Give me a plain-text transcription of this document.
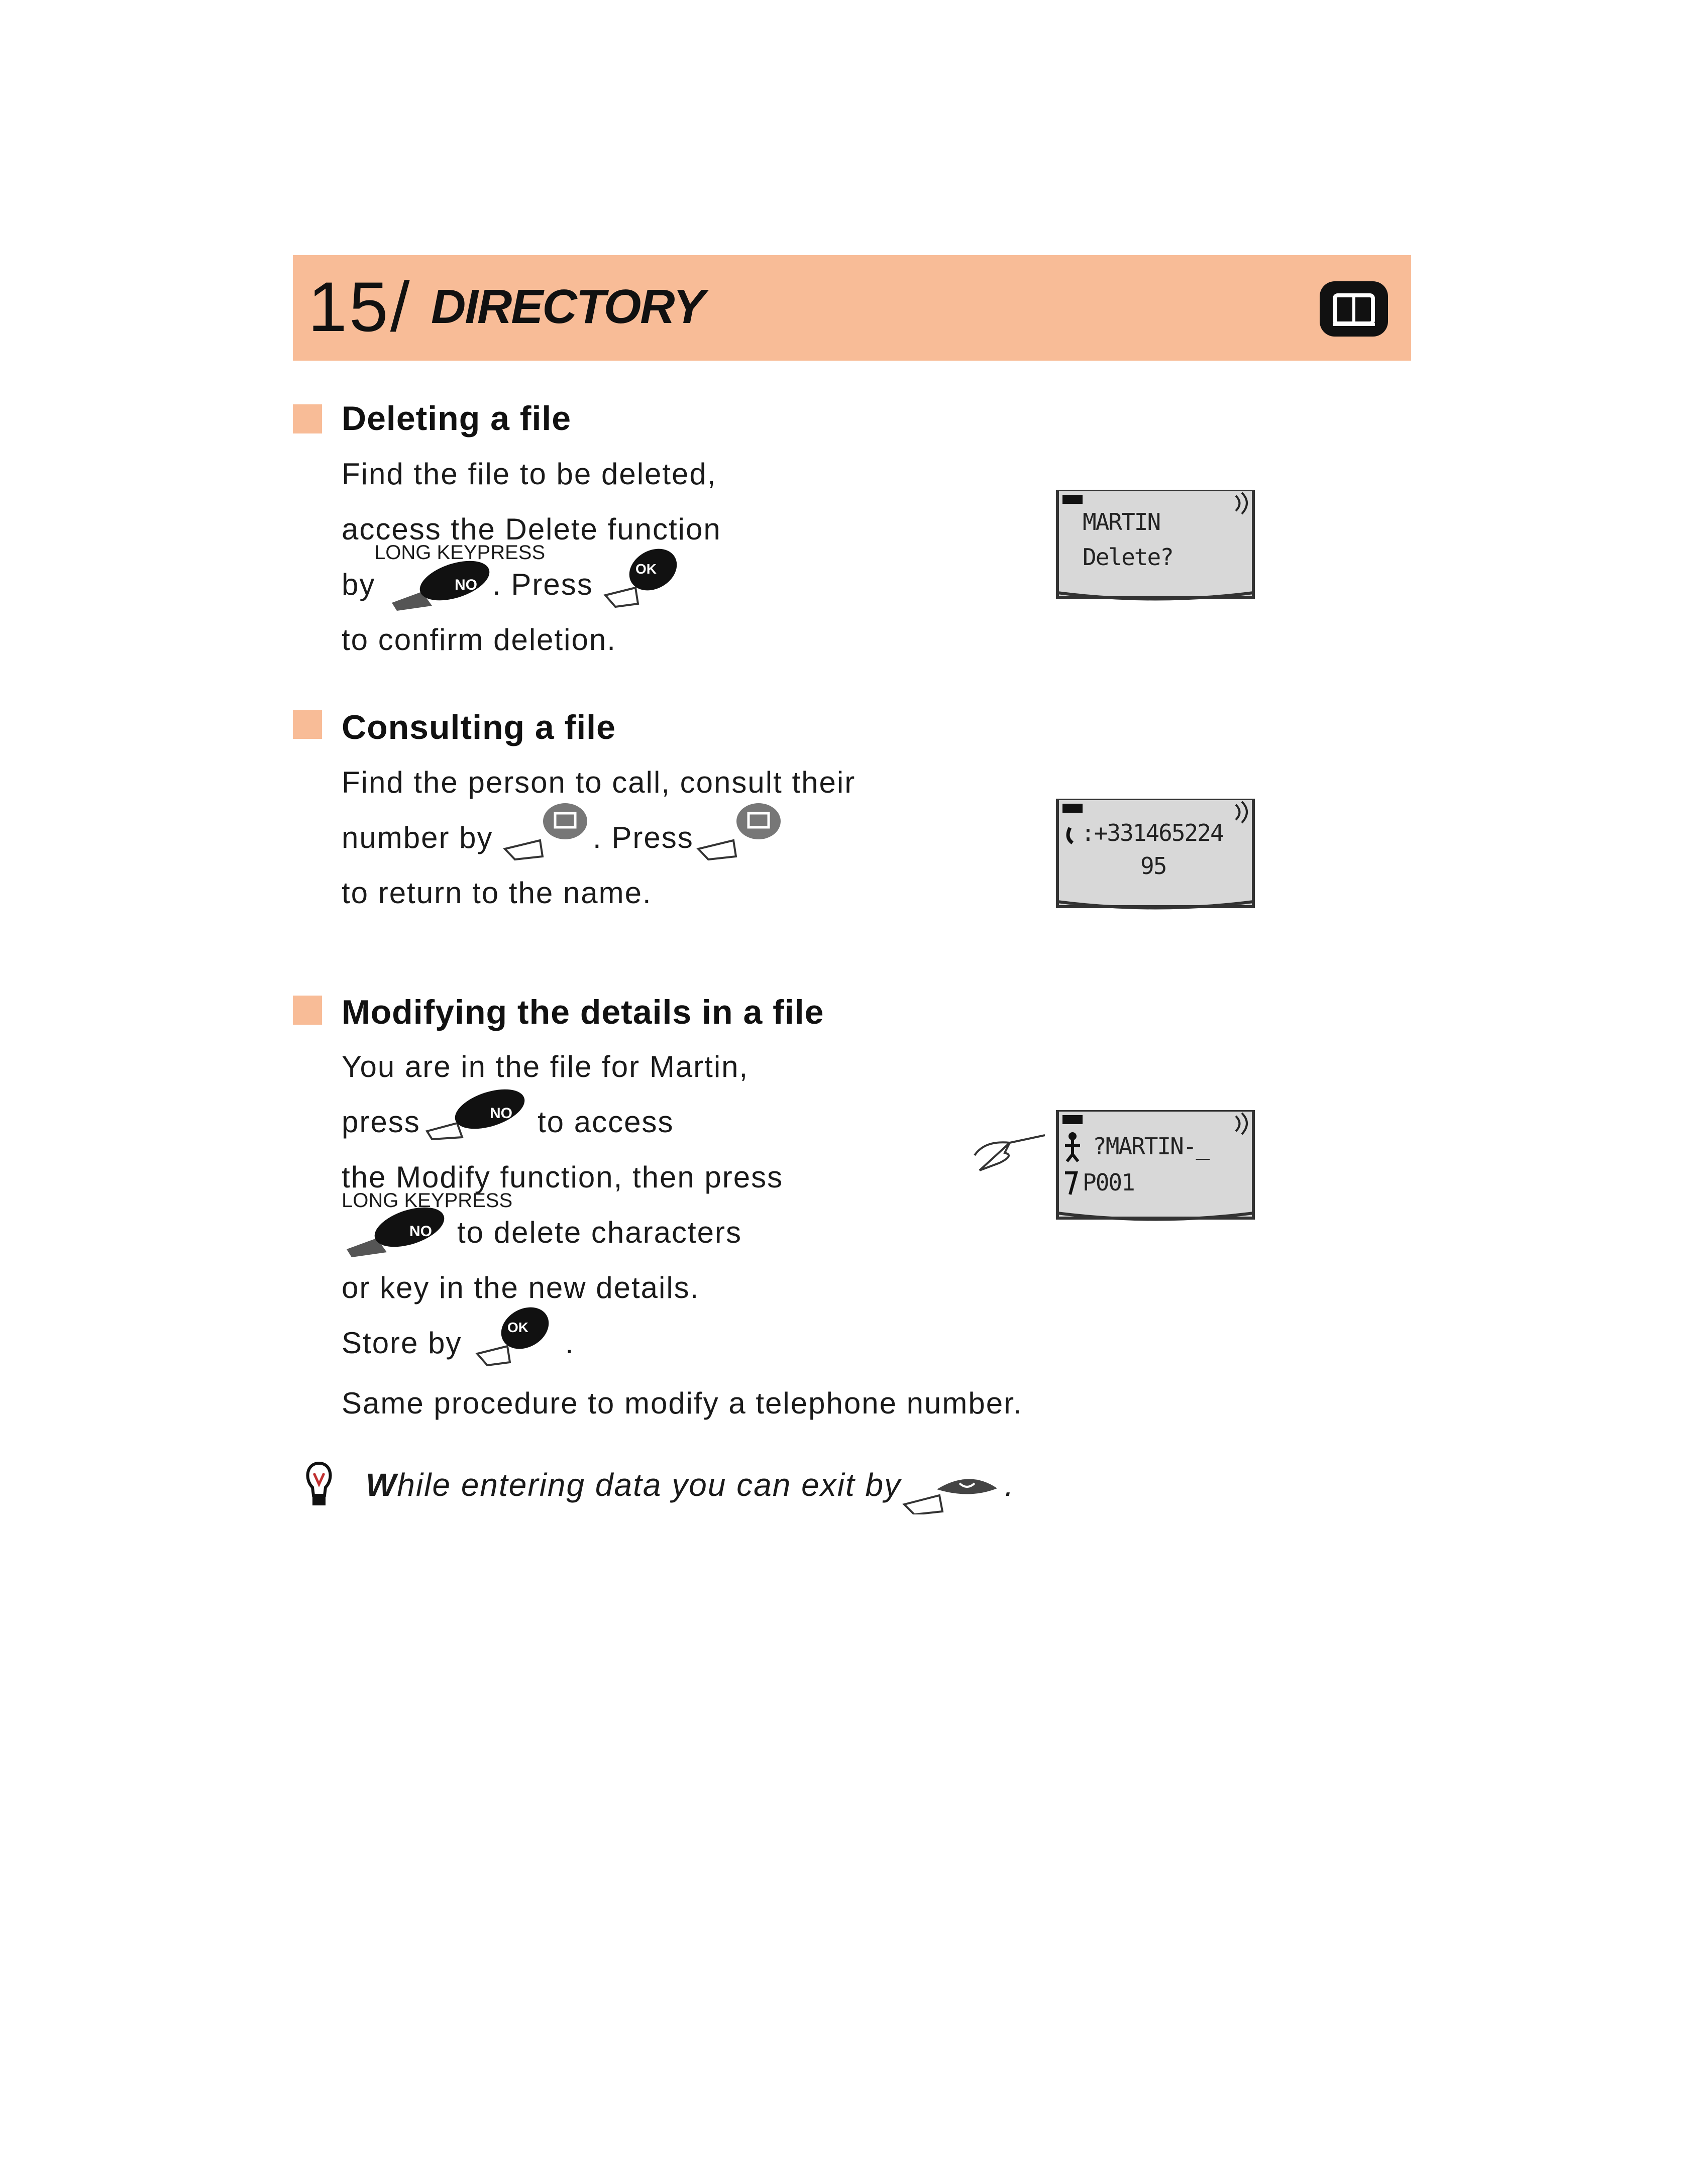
15/ DIRECTORY
Deleting a file
Find the file to be deleted,
access the Delete function
LONG KEYPRESS
by	NO . Press	OK
to confirm deletion.
MARTIN
Delete?
Consulting a file
Find the person to call, consult their
number by	. Press
to return to the name.
:+331465224
95
Modifying the details in a file
You are in the file for Martin,
press	NO to access
the Modify function, then press
LONG KEYPRESS
NO to delete characters
or key in the new details.
Store by	OK .
Same procedure to modify a telephone number.
?MARTIN-_
P001
While entering data you can exit by	.
